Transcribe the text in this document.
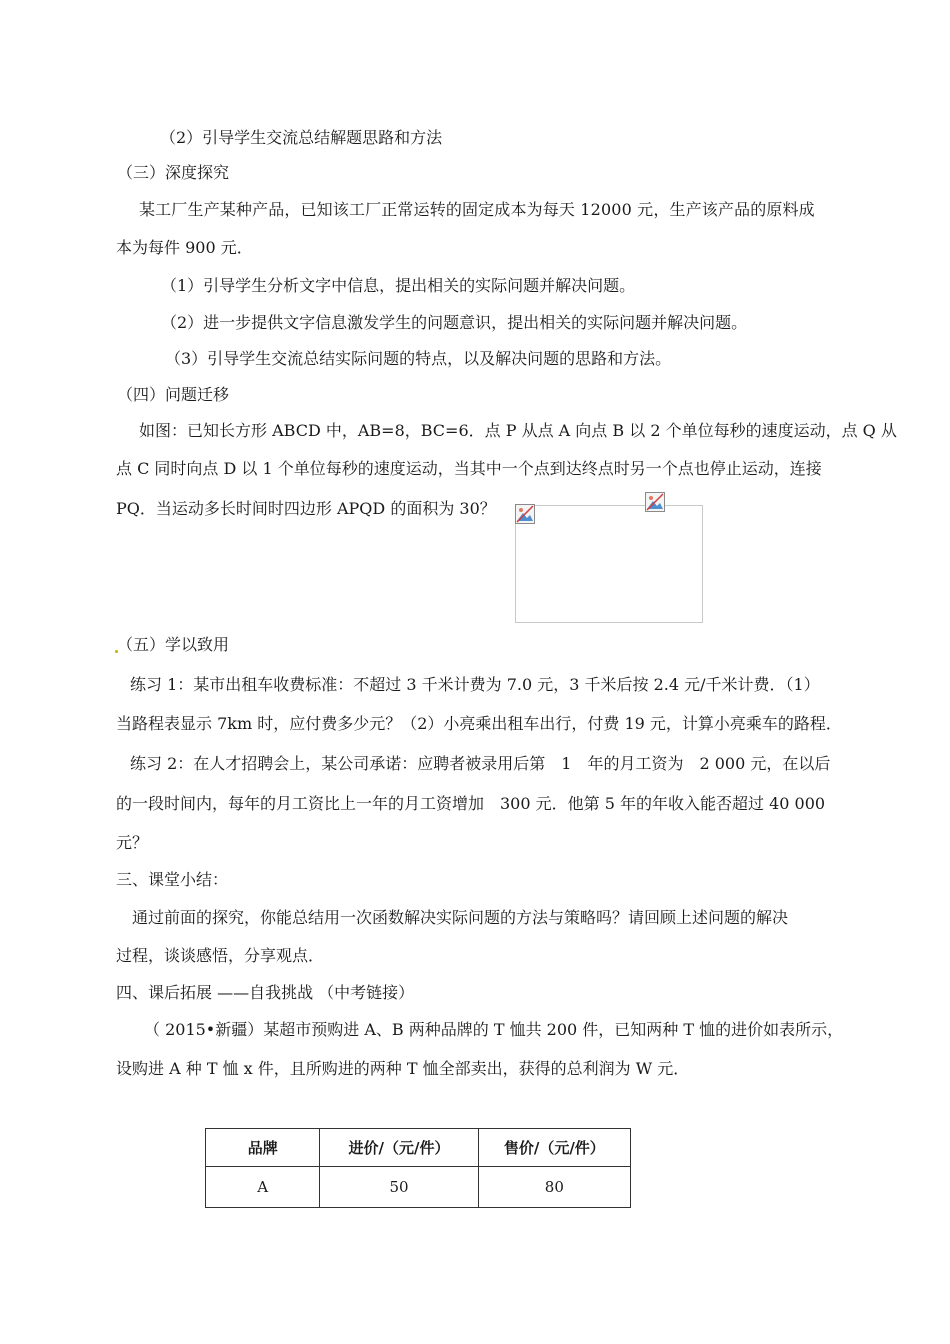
（2）引导学生交流总结解题思路和方法
（三）深度探究
某工厂生产某种产品，已知该工厂正常运转的固定成本为每天 12000 元，生产该产品的原料成
本为每件 900 元．
（1）引导学生分析文字中信息，提出相关的实际问题并解决问题。
（2）进一步提供文字信息激发学生的问题意识，提出相关的实际问题并解决问题。
（3）引导学生交流总结实际问题的特点，以及解决问题的思路和方法。
（四）问题迁移
如图：已知长方形 ABCD 中，AB=8，BC=6．点 P 从点 A 向点 B 以 2 个单位每秒的速度运动，点 Q 从
点 C 同时向点 D 以 1 个单位每秒的速度运动，当其中一个点到达终点时另一个点也停止运动，连接
PQ．当运动多长时间时四边形 APQD 的面积为 30？
（五）学以致用
练习 1：某市出租车收费标准：不超过 3 千米计费为 7.0 元，3 千米后按 2.4 元/千米计费．（1）
当路程表显示 7km 时，应付费多少元？（2）小亮乘出租车出行，付费 19 元，计算小亮乘车的路程．
练习 2：在人才招聘会上，某公司承诺：应聘者被录用后第　1　年的月工资为　2 000 元，在以后
的一段时间内，每年的月工资比上一年的月工资增加　300 元．他第 5 年的年收入能否超过 40 000
元？
三、课堂小结：
通过前面的探究，你能总结用一次函数解决实际问题的方法与策略吗？请回顾上述问题的解决
过程，谈谈感悟，分享观点．
四、课后拓展 ——自我挑战 （中考链接）
（ 2015•新疆）某超市预购进 A、B 两种品牌的 T 恤共 200 件，已知两种 T 恤的进价如表所示，
设购进 A 种 T 恤 x 件，且所购进的两种 T 恤全部卖出，获得的总利润为 W 元．
品牌	进价/（元/件）	售价/（元/件）
A	50	80
